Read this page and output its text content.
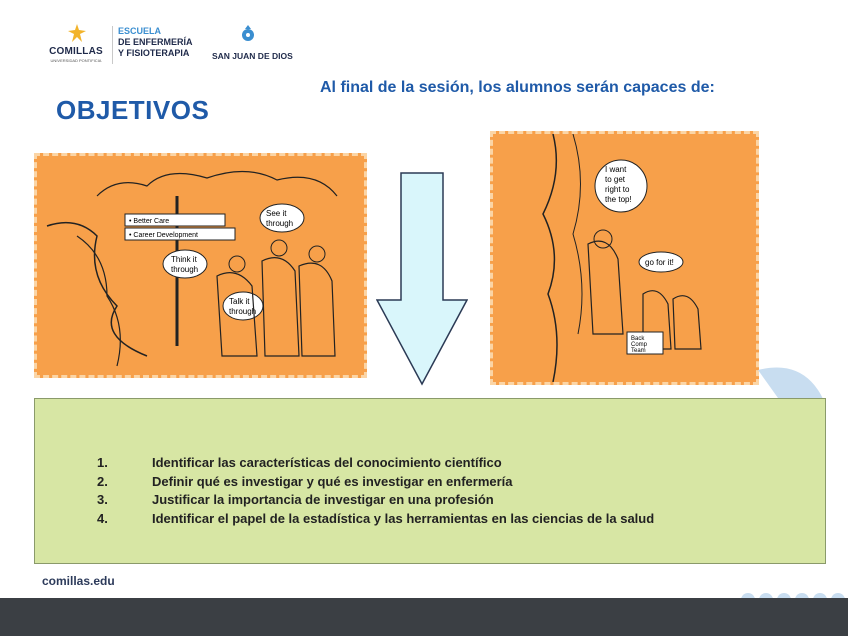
COMILLAS
UNIVERSIDAD PONTIFICIA
ESCUELA
DE ENFERMERÍA
Y FISIOTERAPIA	SAN JUAN DE DIOS
Al final de la sesión, los alumnos serán capaces de:
OBJETIVOS
• Better Care
• Career Development
Think it
through
See it
through
Talk it
through
I want
to get
right to
the top!
go for it!
Back
Comp
Team
1.	Identificar las características del conocimiento científico
2.	Definir qué es investigar y qué es investigar en enfermería
3.	Justificar la importancia de investigar en una profesión
4.	Identificar el papel de la estadística y las herramientas en las ciencias de la salud
comillas.edu
